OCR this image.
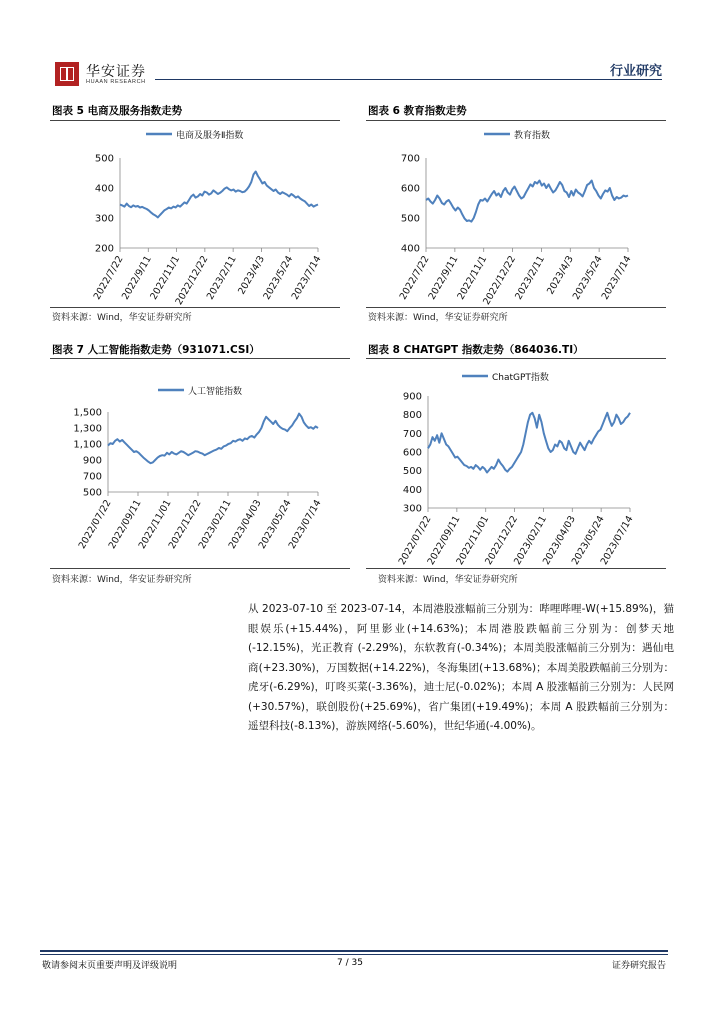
华安证券
HUAAN RESEARCH
行业研究
图表 5 电商及服务指数走势
电商及服务Ⅱ指数
500
400
300
200
2022/7/22
2022/9/11
2022/11/1
2022/12/22
2023/2/11
2023/4/3
2023/5/24
2023/7/14
资料来源：Wind，华安证券研究所
图表 6 教育指数走势
教育指数
700
600
500
400
2022/7/22
2022/9/11
2022/11/1
2022/12/22
2023/2/11
2023/4/3
2023/5/24
2023/7/14
资料来源：Wind，华安证券研究所
图表 7 人工智能指数走势（931071.CSI）
人工智能指数
1,500
1,300
1,100
900
700
500
2022/07/22
2022/09/11
2022/11/01
2022/12/22
2023/02/11
2023/04/03
2023/05/24
2023/07/14
资料来源：Wind，华安证券研究所
图表 8 CHATGPT 指数走势（864036.TI）
ChatGPT指数
900
800
700
600
500
400
300
2022/07/22
2022/09/11
2022/11/01
2022/12/22
2023/02/11
2023/04/03
2023/05/24
2023/07/14
资料来源：Wind，华安证券研究所
从 2023-07-10 至 2023-07-14，本周港股涨幅前三分别为：哔哩哔哩-W(+15.89%)，猫眼娱乐(+15.44%)，阿里影业(+14.63%)；本周港股跌幅前三分别为：创梦天地(-12.15%)，光正教育 (-2.29%)，东软教育(-0.34%)；本周美股涨幅前三分别为：遇仙电商(+23.30%)，万国数据(+14.22%)，冬海集团(+13.68%)；本周美股跌幅前三分别为：虎牙(-6.29%)，叮咚买菜(-3.36%)，迪士尼(-0.02%)；本周 A 股涨幅前三分别为：人民网(+30.57%)，联创股份(+25.69%)，省广集团(+19.49%)；本周 A 股跌幅前三分别为：遥望科技(-8.13%)，游族网络(-5.60%)，世纪华通(-4.00%)。
敬请参阅末页重要声明及评级说明	7 / 35	证券研究报告
